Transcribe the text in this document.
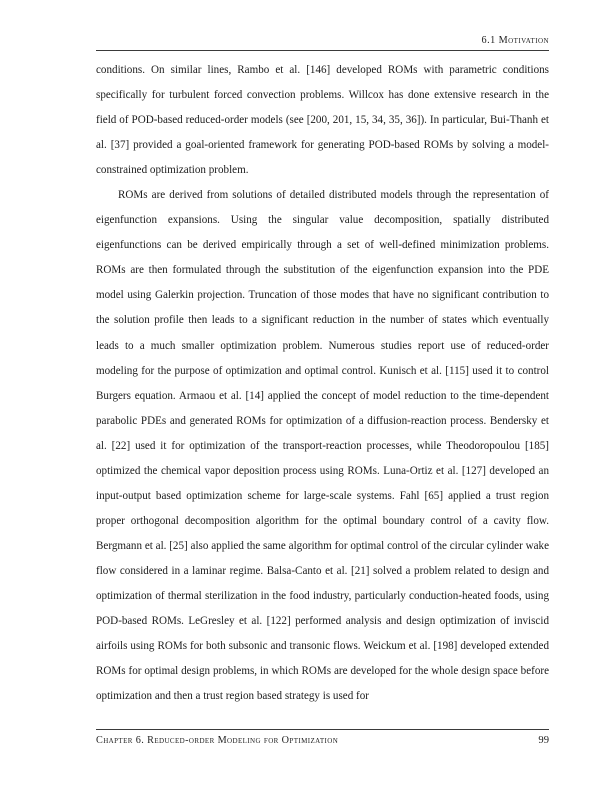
6.1 Motivation

conditions. On similar lines, Rambo et al. [146] developed ROMs with parametric conditions specifically for turbulent forced convection problems. Willcox has done extensive research in the field of POD-based reduced-order models (see [200, 201, 15, 34, 35, 36]). In particular, Bui-Thanh et al. [37] provided a goal-oriented framework for generating POD-based ROMs by solving a model-constrained optimization problem.

ROMs are derived from solutions of detailed distributed models through the representation of eigenfunction expansions. Using the singular value decomposition, spatially distributed eigenfunctions can be derived empirically through a set of well-defined minimization problems. ROMs are then formulated through the substitution of the eigenfunction expansion into the PDE model using Galerkin projection. Truncation of those modes that have no significant contribution to the solution profile then leads to a significant reduction in the number of states which eventually leads to a much smaller optimization problem. Numerous studies report use of reduced-order modeling for the purpose of optimization and optimal control. Kunisch et al. [115] used it to control Burgers equation. Armaou et al. [14] applied the concept of model reduction to the time-dependent parabolic PDEs and generated ROMs for optimization of a diffusion-reaction process. Bendersky et al. [22] used it for optimization of the transport-reaction processes, while Theodoropoulou [185] optimized the chemical vapor deposition process using ROMs. Luna-Ortiz et al. [127] developed an input-output based optimization scheme for large-scale systems. Fahl [65] applied a trust region proper orthogonal decomposition algorithm for the optimal boundary control of a cavity flow. Bergmann et al. [25] also applied the same algorithm for optimal control of the circular cylinder wake flow considered in a laminar regime. Balsa-Canto et al. [21] solved a problem related to design and optimization of thermal sterilization in the food industry, particularly conduction-heated foods, using POD-based ROMs. LeGresley et al. [122] performed analysis and design optimization of inviscid airfoils using ROMs for both subsonic and transonic flows. Weickum et al. [198] developed extended ROMs for optimal design problems, in which ROMs are developed for the whole design space before optimization and then a trust region based strategy is used for

Chapter 6. Reduced-order Modeling for Optimization	99
